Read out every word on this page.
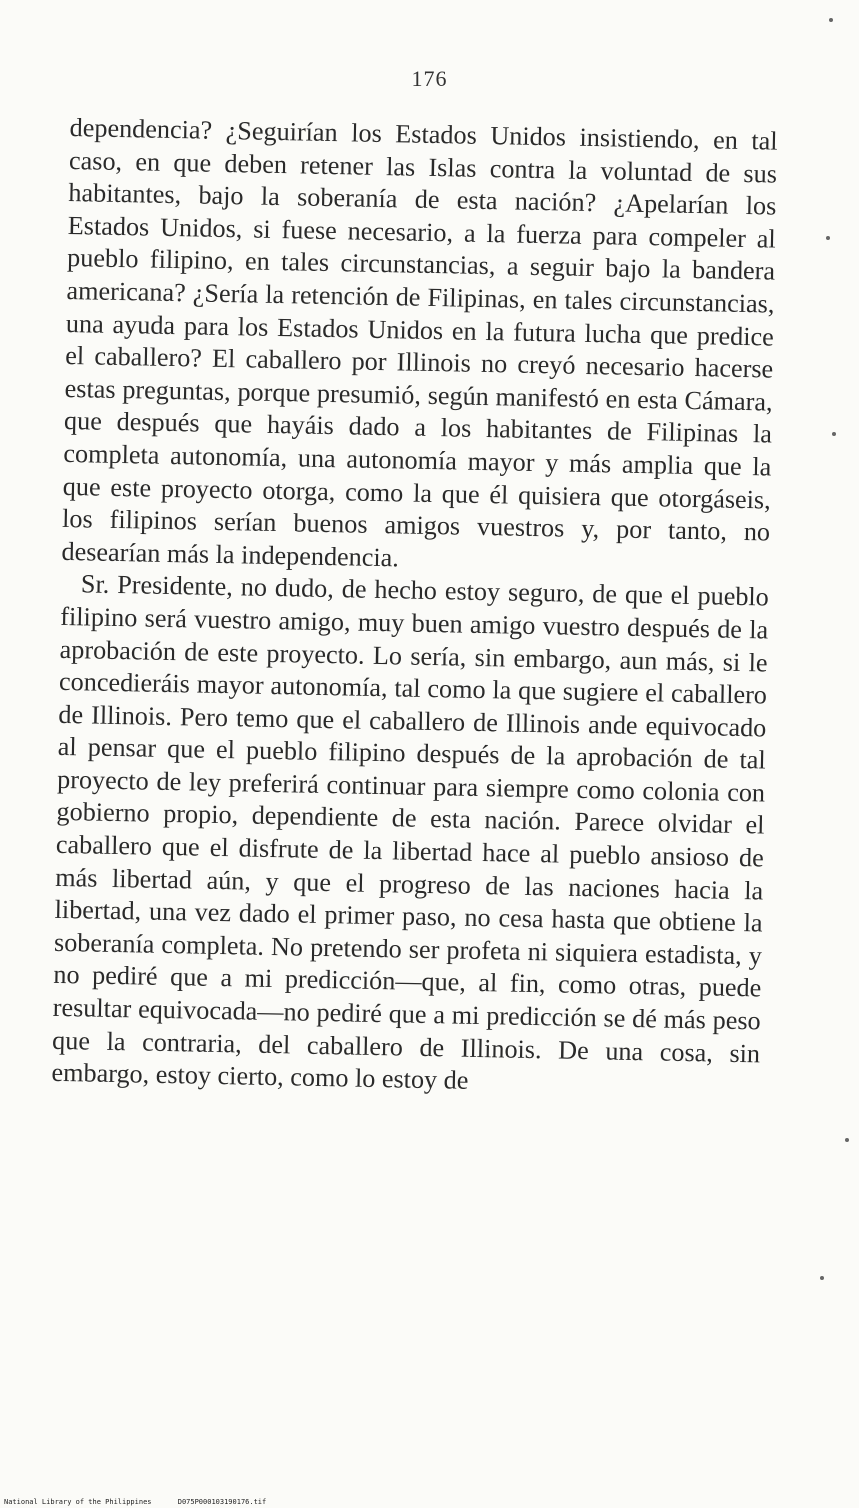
176

dependencia? ¿Seguirían los Estados Unidos insistiendo, en tal caso, en que deben retener las Islas contra la voluntad de sus habitantes, bajo la soberanía de esta nación? ¿Apelarían los Estados Unidos, si fuese necesario, a la fuerza para compeler al pueblo filipino, en tales circunstancias, a seguir bajo la bandera americana? ¿Sería la retención de Filipinas, en tales circunstancias, una ayuda para los Estados Unidos en la futura lucha que predice el caballero? El caballero por Illinois no creyó necesario hacerse estas preguntas, porque presumió, según manifestó en esta Cámara, que después que hayáis dado a los habitantes de Filipinas la completa autonomía, una autonomía mayor y más amplia que la que este proyecto otorga, como la que él quisiera que otorgáseis, los filipinos serían buenos amigos vuestros y, por tanto, no desearían más la independencia.

Sr. Presidente, no dudo, de hecho estoy seguro, de que el pueblo filipino será vuestro amigo, muy buen amigo vuestro después de la aprobación de este proyecto. Lo sería, sin embargo, aun más, si le concedieráis mayor autonomía, tal como la que sugiere el caballero de Illinois. Pero temo que el caballero de Illinois ande equivocado al pensar que el pueblo filipino después de la aprobación de tal proyecto de ley preferirá continuar para siempre como colonia con gobierno propio, dependiente de esta nación. Parece olvidar el caballero que el disfrute de la libertad hace al pueblo ansioso de más libertad aún, y que el progreso de las naciones hacia la libertad, una vez dado el primer paso, no cesa hasta que obtiene la soberanía completa. No pretendo ser profeta ni siquiera estadista, y no pediré que a mi predicción—que, al fin, como otras, puede resultar equivocada—no pediré que a mi predicción se dé más peso que la contraria, del caballero de Illinois. De una cosa, sin embargo, estoy cierto, como lo estoy de

National Library of the Philippines	D075P000103190176.tif
